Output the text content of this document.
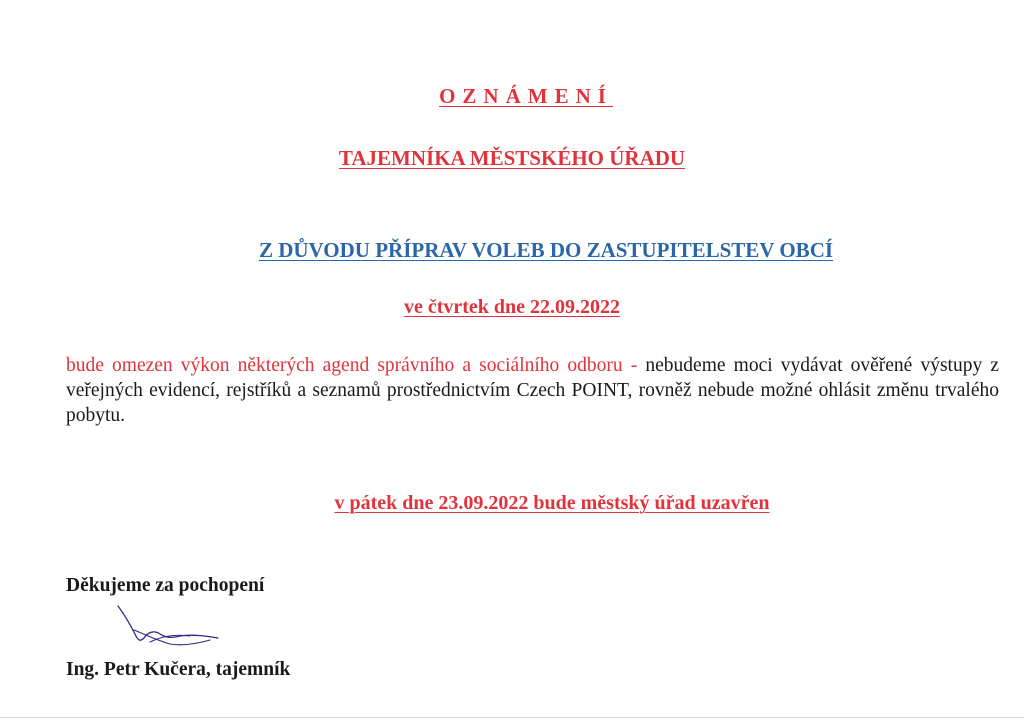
OZNÁMENÍ
TAJEMNÍKA MĚSTSKÉHO ÚŘADU
Z DŮVODU PŘÍPRAV VOLEB DO ZASTUPITELSTEV OBCÍ
ve čtvrtek dne 22.09.2022
bude omezen výkon některých agend správního a sociálního odboru - nebudeme moci vydávat ověřené výstupy z veřejných evidencí, rejstříků a seznamů prostřednictvím Czech POINT, rovněž nebude možné ohlásit změnu trvalého pobytu.
v pátek dne 23.09.2022 bude městský úřad uzavřen
Děkujeme za pochopení
Ing. Petr Kučera, tajemník
